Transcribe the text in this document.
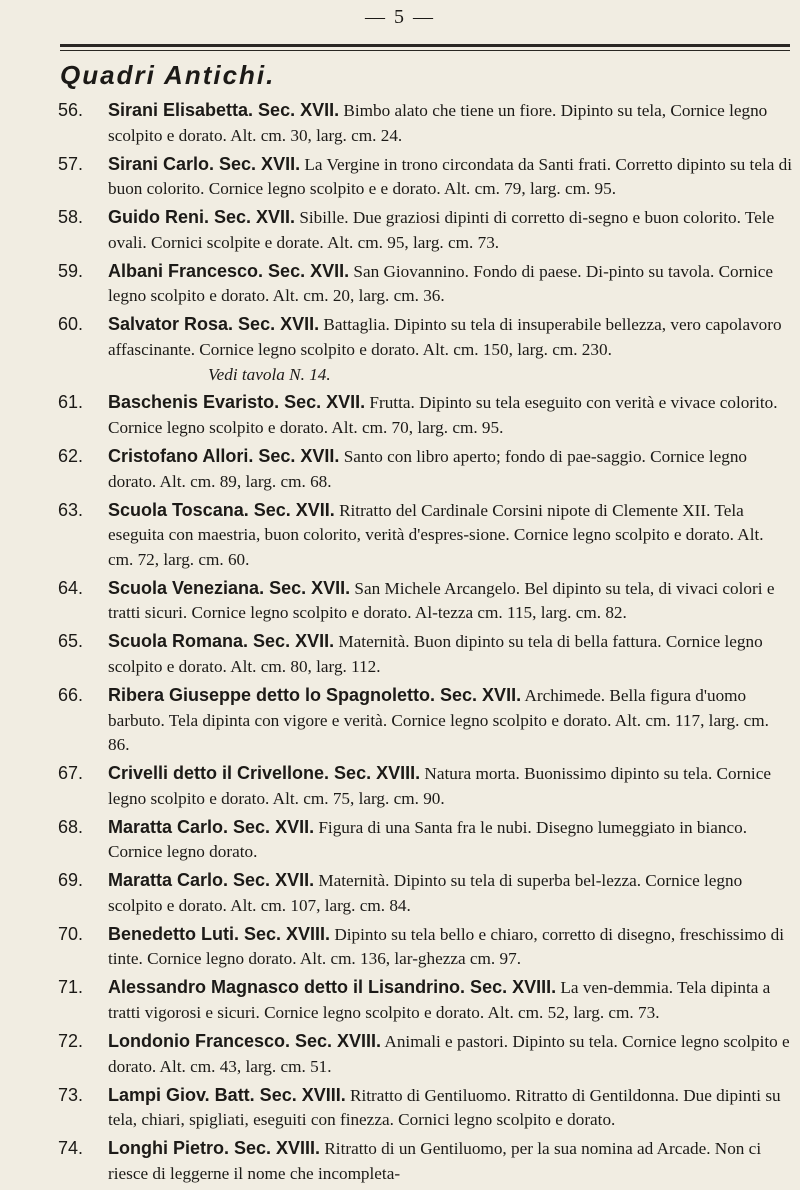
— 5 —
Quadri Antichi.
56.	Sirani Elisabetta. Sec. XVII. Bimbo alato che tiene un fiore. Dipinto su tela, Cornice legno scolpito e dorato. Alt. cm. 30, larg. cm. 24.
57.	Sirani Carlo. Sec. XVII. La Vergine in trono circondata da Santi frati. Corretto dipinto su tela di buon colorito. Cornice legno scolpito e e dorato. Alt. cm. 79, larg. cm. 95.
58.	Guido Reni. Sec. XVII. Sibille. Due graziosi dipinti di corretto di-segno e buon colorito. Tele ovali. Cornici scolpite e dorate. Alt. cm. 95, larg. cm. 73.
59.	Albani Francesco. Sec. XVII. San Giovannino. Fondo di paese. Di-pinto su tavola. Cornice legno scolpito e dorato. Alt. cm. 20, larg. cm. 36.
60.	Salvator Rosa. Sec. XVII. Battaglia. Dipinto su tela di insuperabile bellezza, vero capolavoro affascinante. Cornice legno scolpito e dorato. Alt. cm. 150, larg. cm. 230.
Vedi tavola N. 14.
61.	Baschenis Evaristo. Sec. XVII. Frutta. Dipinto su tela eseguito con verità e vivace colorito. Cornice legno scolpito e dorato. Alt. cm. 70, larg. cm. 95.
62.	Cristofano Allori. Sec. XVII. Santo con libro aperto; fondo di pae-saggio. Cornice legno dorato. Alt. cm. 89, larg. cm. 68.
63.	Scuola Toscana. Sec. XVII. Ritratto del Cardinale Corsini nipote di Clemente XII. Tela eseguita con maestria, buon colorito, verità d'espres-sione. Cornice legno scolpito e dorato. Alt. cm. 72, larg. cm. 60.
64.	Scuola Veneziana. Sec. XVII. San Michele Arcangelo. Bel dipinto su tela, di vivaci colori e tratti sicuri. Cornice legno scolpito e dorato. Al-tezza cm. 115, larg. cm. 82.
65.	Scuola Romana. Sec. XVII. Maternità. Buon dipinto su tela di bella fattura. Cornice legno scolpito e dorato. Alt. cm. 80, larg. 112.
66.	Ribera Giuseppe detto lo Spagnoletto. Sec. XVII. Archimede. Bella figura d'uomo barbuto. Tela dipinta con vigore e verità. Cornice legno scolpito e dorato. Alt. cm. 117, larg. cm. 86.
67.	Crivelli detto il Crivellone. Sec. XVIII. Natura morta. Buonissimo dipinto su tela. Cornice legno scolpito e dorato. Alt. cm. 75, larg. cm. 90.
68.	Maratta Carlo. Sec. XVII. Figura di una Santa fra le nubi. Disegno lumeggiato in bianco. Cornice legno dorato.
69.	Maratta Carlo. Sec. XVII. Maternità. Dipinto su tela di superba bel-lezza. Cornice legno scolpito e dorato. Alt. cm. 107, larg. cm. 84.
70.	Benedetto Luti. Sec. XVIII. Dipinto su tela bello e chiaro, corretto di disegno, freschissimo di tinte. Cornice legno dorato. Alt. cm. 136, lar-ghezza cm. 97.
71.	Alessandro Magnasco detto il Lisandrino. Sec. XVIII. La ven-demmia. Tela dipinta a tratti vigorosi e sicuri. Cornice legno scolpito e dorato. Alt. cm. 52, larg. cm. 73.
72.	Londonio Francesco. Sec. XVIII. Animali e pastori. Dipinto su tela. Cornice legno scolpito e dorato. Alt. cm. 43, larg. cm. 51.
73.	Lampi Giov. Batt. Sec. XVIII. Ritratto di Gentiluomo. Ritratto di Gentildonna. Due dipinti su tela, chiari, spigliati, eseguiti con finezza. Cornici legno scolpito e dorato.
74.	Longhi Pietro. Sec. XVIII. Ritratto di un Gentiluomo, per la sua nomina ad Arcade. Non ci riesce di leggerne il nome che incompleta-
